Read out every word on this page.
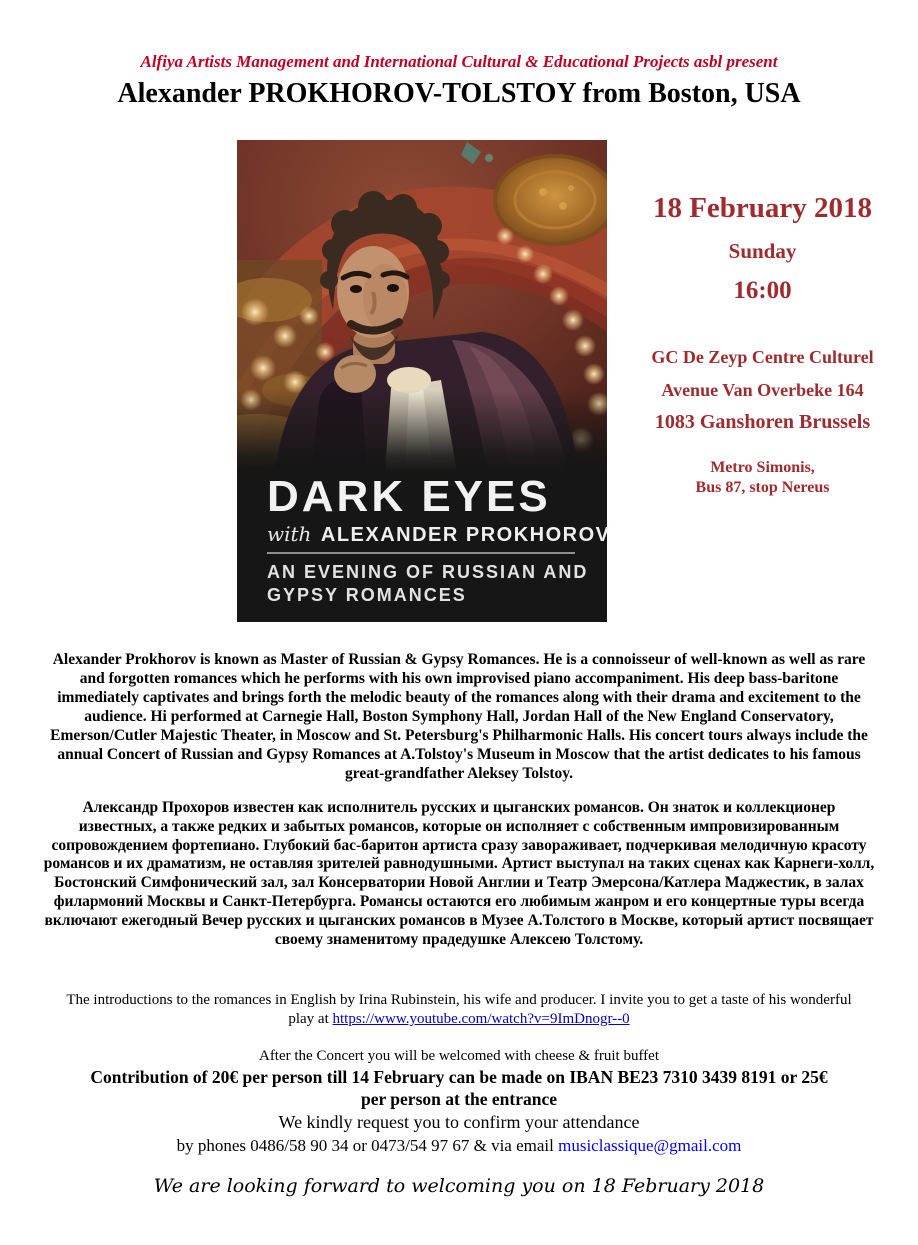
Alfiya Artists Management and International Cultural & Educational Projects asbl present
Alexander PROKHOROV-TOLSTOY from Boston, USA
DARK EYES
with ALEXANDER PROKHOROV
AN EVENING OF RUSSIAN AND
GYPSY ROMANCES
18 February 2018
Sunday
16:00
GC De Zeyp Centre Culturel
Avenue Van Overbeke 164
1083 Ganshoren Brussels
Metro Simonis,
Bus 87, stop Nereus

Alexander Prokhorov is known as Master of Russian & Gypsy Romances. He is a connoisseur of well-known as well as rare and forgotten romances which he performs with his own improvised piano accompaniment. His deep bass-baritone immediately captivates and brings forth the melodic beauty of the romances along with their drama and excitement to the audience. Hi performed at Carnegie Hall, Boston Symphony Hall, Jordan Hall of the New England Conservatory, Emerson/Cutler Majestic Theater, in Moscow and St. Petersburg's Philharmonic Halls. His concert tours always include the annual Concert of Russian and Gypsy Romances at A.Tolstoy's Museum in Moscow that the artist dedicates to his famous great-grandfather Aleksey Tolstoy.

Александр Прохоров известен как исполнитель русских и цыганских романсов. Он знаток и коллекционер известных, а также редких и забытых романсов, которые он исполняет с собственным импровизированным сопровождением фортепиано. Глубокий бас-баритон артиста сразу завораживает, подчеркивая мелодичную красоту романсов и их драматизм, не оставляя зрителей равнодушными. Артист выступал на таких сценах как Карнеги-холл, Бостонский Симфонический зал, зал Консерватории Новой Англии и Театр Эмерсона/Катлера Маджестик, в залах филармоний Москвы и Санкт-Петербурга. Романсы остаются его любимым жанром и его концертные туры всегда включают ежегодный Вечер русских и цыганских романсов в Музее А.Толстого в Москве, который артист посвящает своему знаменитому прадедушке Алексею Толстому.

The introductions to the romances in English by Irina Rubinstein, his wife and producer. I invite you to get a taste of his wonderful play at https://www.youtube.com/watch?v=9ImDnogr--0

After the Concert you will be welcomed with cheese & fruit buffet
Contribution of 20€ per person till 14 February can be made on IBAN BE23 7310 3439 8191 or 25€ per person at the entrance
We kindly request you to confirm your attendance
by phones 0486/58 90 34 or 0473/54 97 67 & via email musiclassique@gmail.com
We are looking forward to welcoming you on 18 February 2018
